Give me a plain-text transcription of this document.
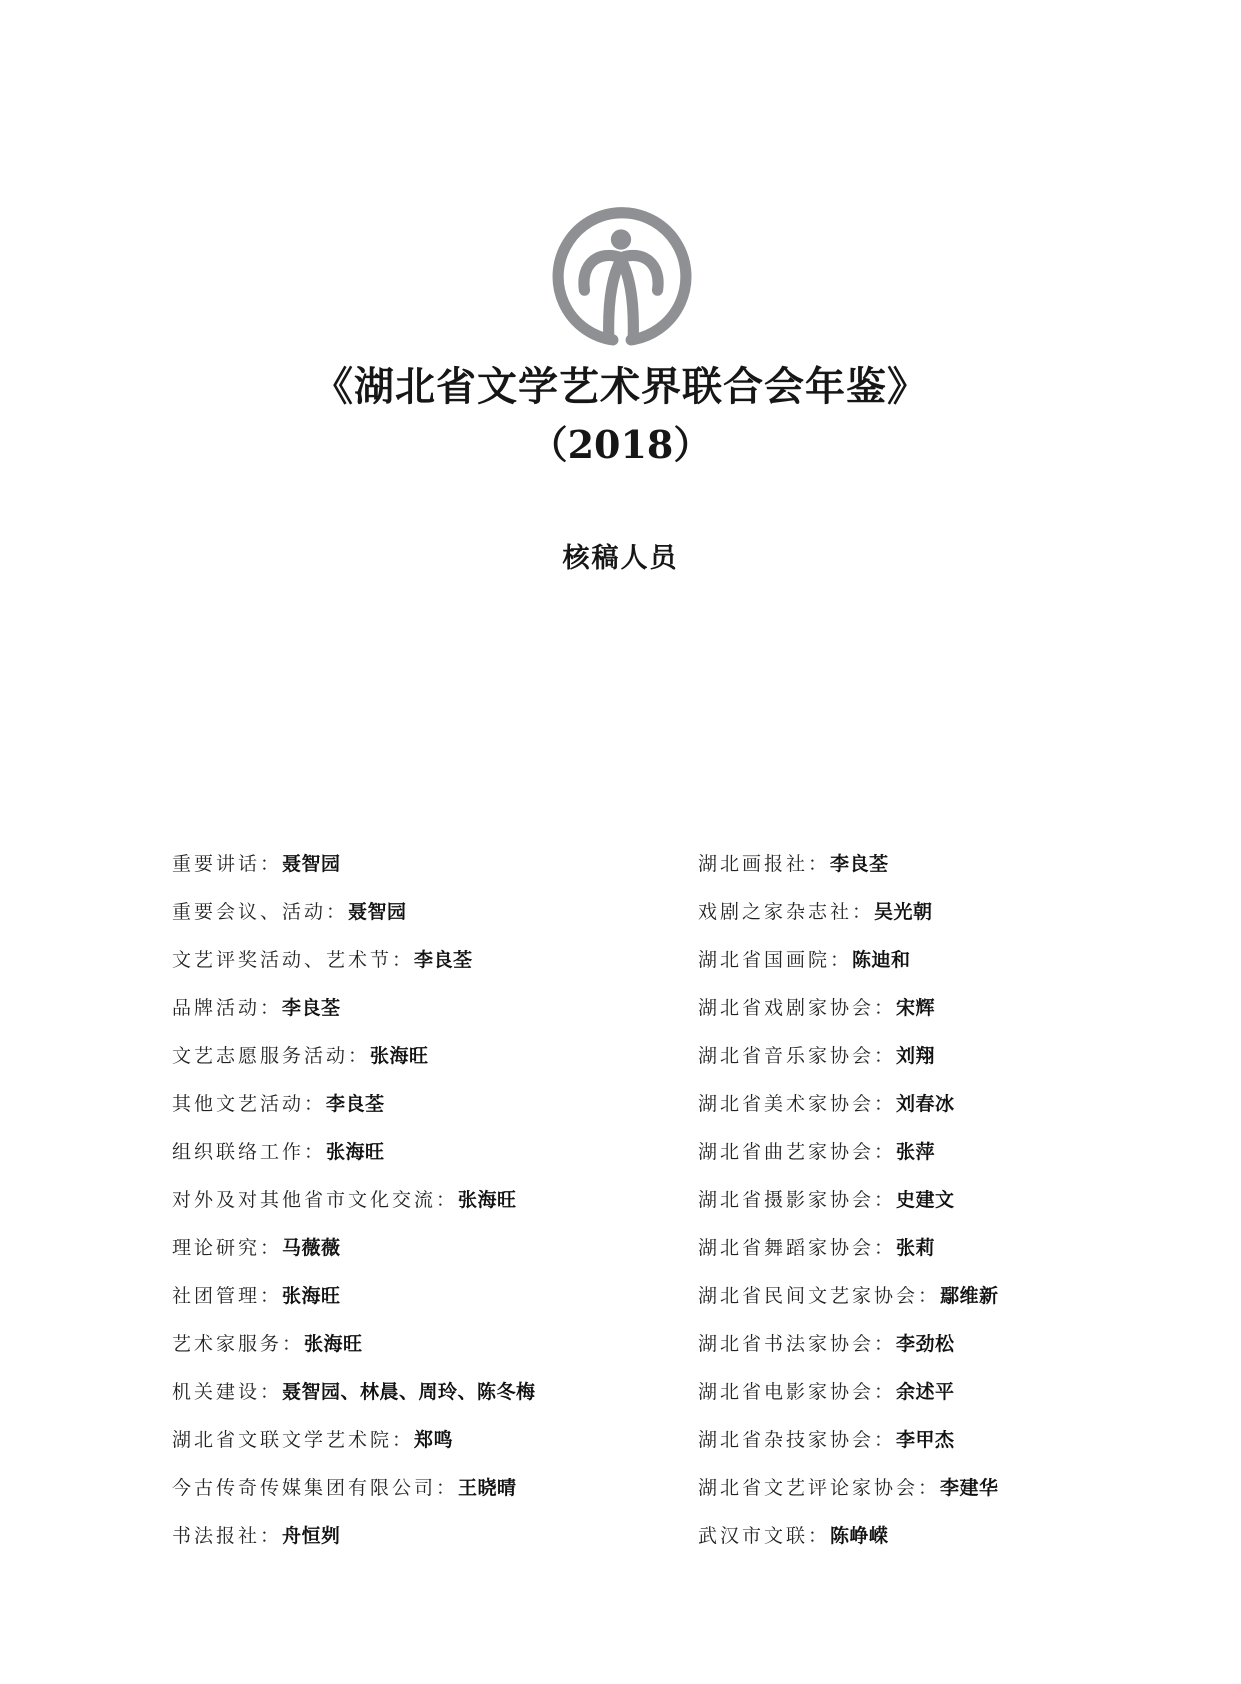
《湖北省文学艺术界联合会年鉴》
（2018）
核稿人员
重要讲话：聂智园
重要会议、活动：聂智园
文艺评奖活动、艺术节：李良荃
品牌活动：李良荃
文艺志愿服务活动：张海旺
其他文艺活动：李良荃
组织联络工作：张海旺
对外及对其他省市文化交流：张海旺
理论研究：马薇薇
社团管理：张海旺
艺术家服务：张海旺
机关建设：聂智园、林晨、周玲、陈冬梅
湖北省文联文学艺术院：郑鸣
今古传奇传媒集团有限公司：王晓晴
书法报社：舟恒刿
湖北画报社：李良荃
戏剧之家杂志社：吴光朝
湖北省国画院：陈迪和
湖北省戏剧家协会：宋辉
湖北省音乐家协会：刘翔
湖北省美术家协会：刘春冰
湖北省曲艺家协会：张萍
湖北省摄影家协会：史建文
湖北省舞蹈家协会：张莉
湖北省民间文艺家协会：鄢维新
湖北省书法家协会：李劲松
湖北省电影家协会：余述平
湖北省杂技家协会：李甲杰
湖北省文艺评论家协会：李建华
武汉市文联：陈峥嵘
